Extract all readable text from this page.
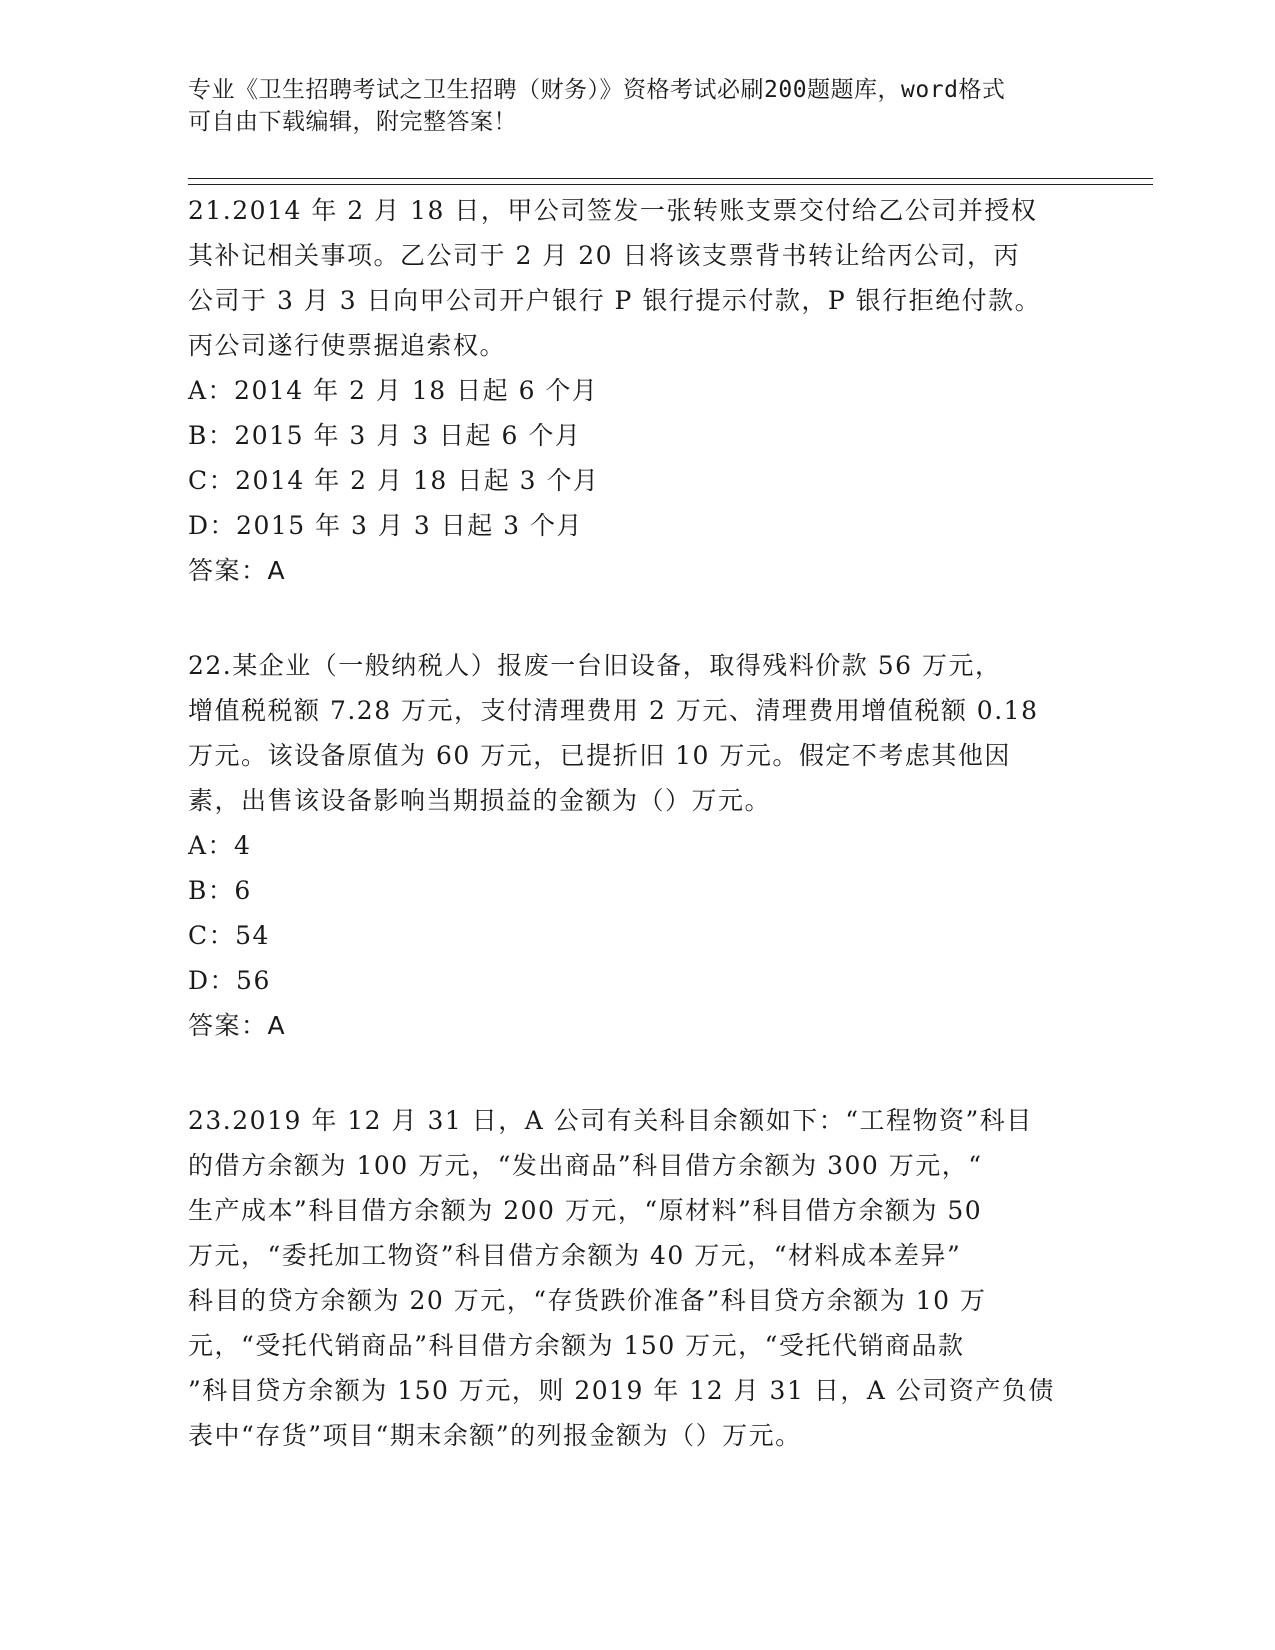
专业《卫生招聘考试之卫生招聘（财务）》资格考试必刷200题题库，word格式
可自由下载编辑，附完整答案！

21.2014 年 2 月 18 日，甲公司签发一张转账支票交付给乙公司并授权

其补记相关事项。乙公司于 2 月 20 日将该支票背书转让给丙公司，丙

公司于 3 月 3 日向甲公司开户银行 P 银行提示付款，P 银行拒绝付款。

丙公司遂行使票据追索权。

A：2014 年 2 月 18 日起 6 个月

B：2015 年 3 月 3 日起 6 个月

C：2014 年 2 月 18 日起 3 个月

D：2015 年 3 月 3 日起 3 个月

答案：A

22.某企业（一般纳税人）报废一台旧设备，取得残料价款 56 万元，

增值税税额 7.28 万元，支付清理费用 2 万元、清理费用增值税额 0.18

万元。该设备原值为 60 万元，已提折旧 10 万元。假定不考虑其他因

素，出售该设备影响当期损益的金额为（）万元。

A：4

B：6

C：54

D：56

答案：A

23.2019 年 12 月 31 日，A 公司有关科目余额如下：“工程物资”科目

的借方余额为 100 万元，“发出商品”科目借方余额为 300 万元，“

生产成本”科目借方余额为 200 万元，“原材料”科目借方余额为 50

万元，“委托加工物资”科目借方余额为 40 万元，“材料成本差异”

科目的贷方余额为 20 万元，“存货跌价准备”科目贷方余额为 10 万

元，“受托代销商品”科目借方余额为 150 万元，“受托代销商品款

”科目贷方余额为 150 万元，则 2019 年 12 月 31 日，A 公司资产负债

表中“存货”项目“期末余额”的列报金额为（）万元。
